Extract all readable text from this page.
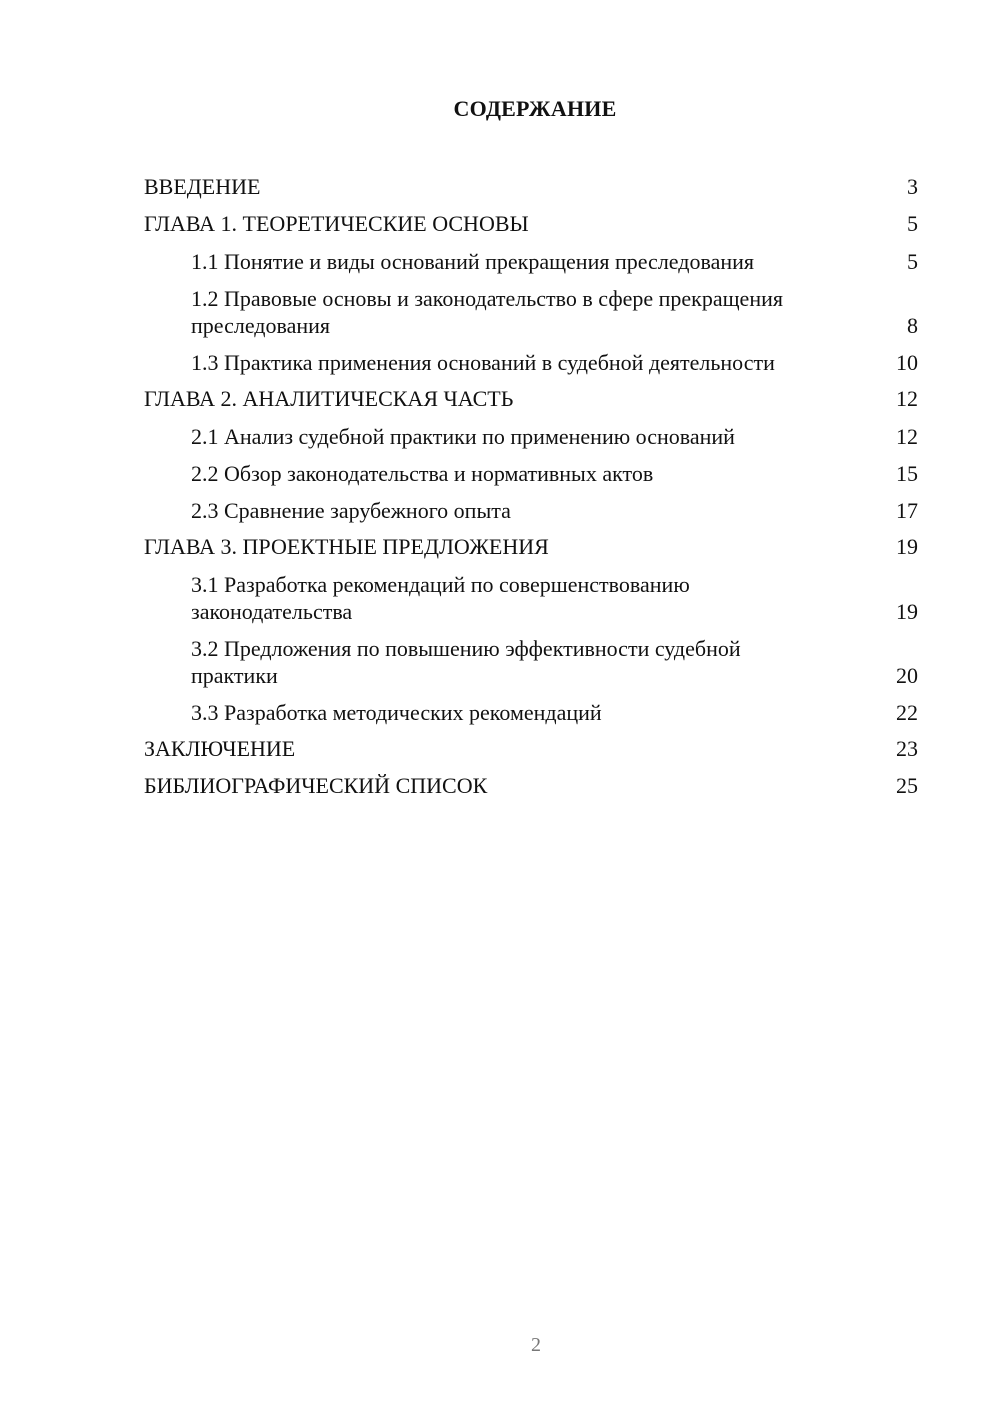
СОДЕРЖАНИЕ
ВВЕДЕНИЕ	3
ГЛАВА 1. ТЕОРЕТИЧЕСКИЕ ОСНОВЫ	5
1.1 Понятие и виды оснований прекращения преследования	5
1.2 Правовые основы и законодательство в сфере прекращения преследования	8
1.3 Практика применения оснований в судебной деятельности	10
ГЛАВА 2. АНАЛИТИЧЕСКАЯ ЧАСТЬ	12
2.1 Анализ судебной практики по применению оснований	12
2.2 Обзор законодательства и нормативных актов	15
2.3 Сравнение зарубежного опыта	17
ГЛАВА 3. ПРОЕКТНЫЕ ПРЕДЛОЖЕНИЯ	19
3.1 Разработка рекомендаций по совершенствованию законодательства	19
3.2 Предложения по повышению эффективности судебной практики	20
3.3 Разработка методических рекомендаций	22
ЗАКЛЮЧЕНИЕ	23
БИБЛИОГРАФИЧЕСКИЙ СПИСОК	25
2
